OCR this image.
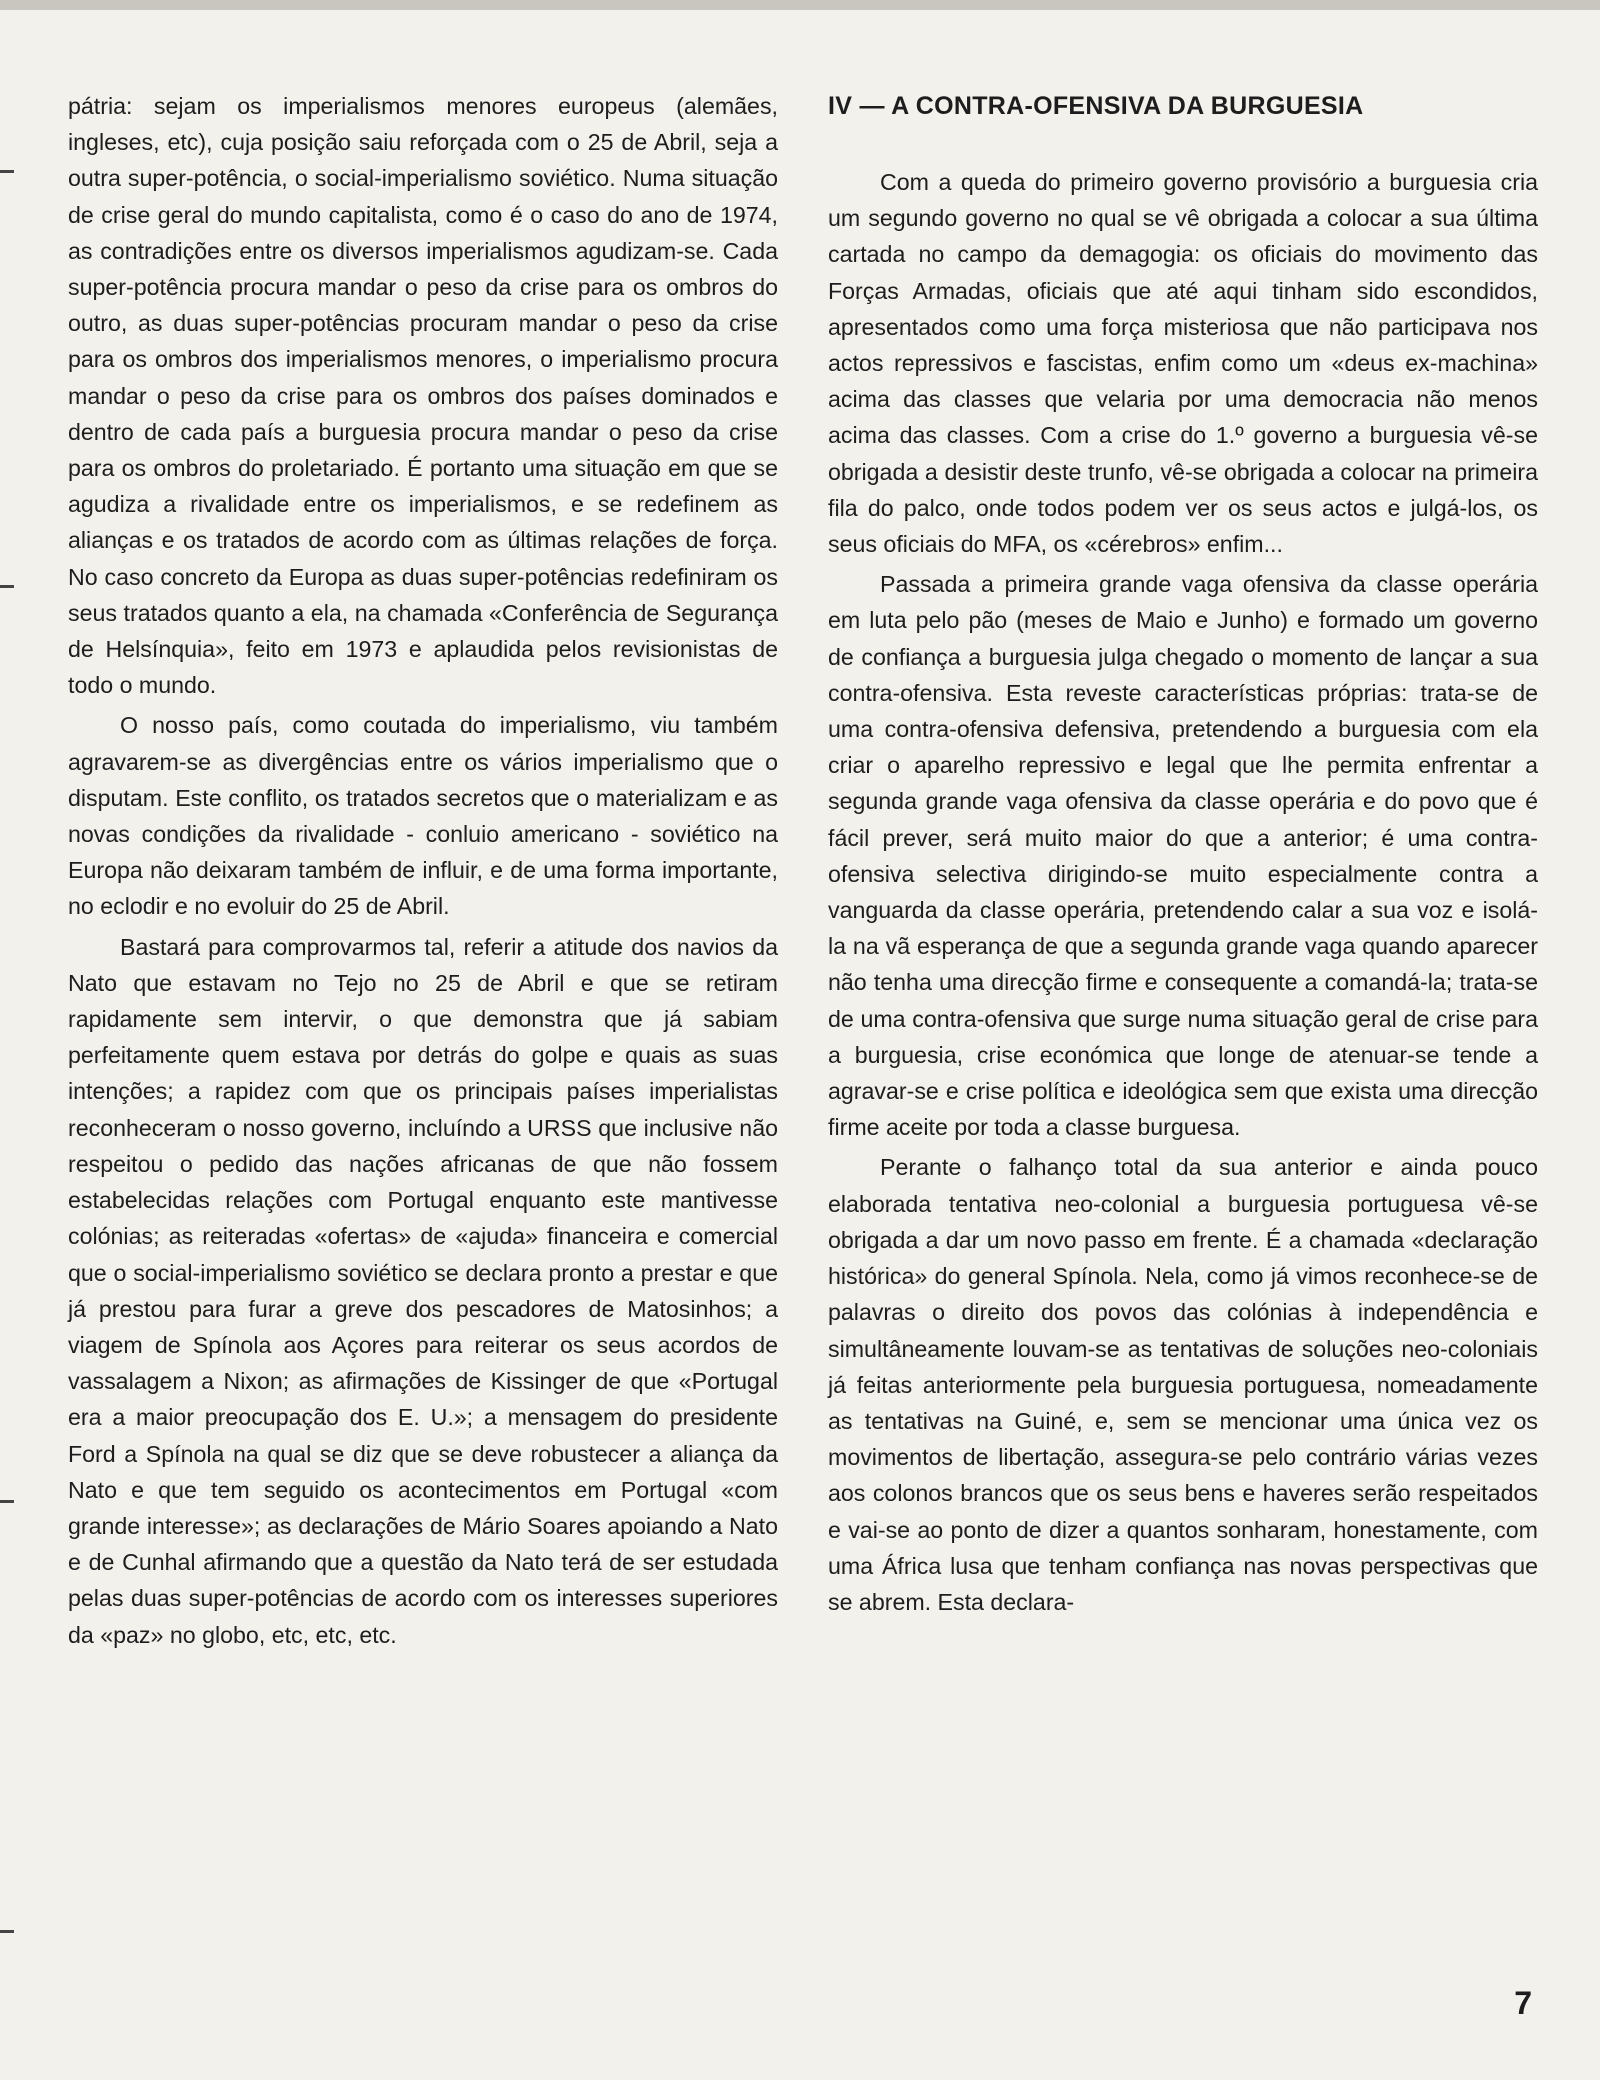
pátria: sejam os imperialismos menores europeus (alemães, ingleses, etc), cuja posição saiu reforçada com o 25 de Abril, seja a outra super-potência, o social-imperialismo soviético. Numa situação de crise geral do mundo capitalista, como é o caso do ano de 1974, as contradições entre os diversos imperialismos agudizam-se. Cada super-potência procura mandar o peso da crise para os ombros do outro, as duas super-potências procuram mandar o peso da crise para os ombros dos imperialismos menores, o imperialismo procura mandar o peso da crise para os ombros dos países dominados e dentro de cada país a burguesia procura mandar o peso da crise para os ombros do proletariado. É portanto uma situação em que se agudiza a rivalidade entre os imperialismos, e se redefinem as alianças e os tratados de acordo com as últimas relações de força. No caso concreto da Europa as duas super-potências redefiniram os seus tratados quanto a ela, na chamada «Conferência de Segurança de Helsínquia», feito em 1973 e aplaudida pelos revisionistas de todo o mundo.

O nosso país, como coutada do imperialismo, viu também agravarem-se as divergências entre os vários imperialismo que o disputam. Este conflito, os tratados secretos que o materializam e as novas condições da rivalidade - conluio americano - soviético na Europa não deixaram também de influir, e de uma forma importante, no eclodir e no evoluir do 25 de Abril.

Bastará para comprovarmos tal, referir a atitude dos navios da Nato que estavam no Tejo no 25 de Abril e que se retiram rapidamente sem intervir, o que demonstra que já sabiam perfeitamente quem estava por detrás do golpe e quais as suas intenções; a rapidez com que os principais países imperialistas reconheceram o nosso governo, incluíndo a URSS que inclusive não respeitou o pedido das nações africanas de que não fossem estabelecidas relações com Portugal enquanto este mantivesse colónias; as reiteradas «ofertas» de «ajuda» financeira e comercial que o social-imperialismo soviético se declara pronto a prestar e que já prestou para furar a greve dos pescadores de Matosinhos; a viagem de Spínola aos Açores para reiterar os seus acordos de vassalagem a Nixon; as afirmações de Kissinger de que «Portugal era a maior preocupação dos E. U.»; a mensagem do presidente Ford a Spínola na qual se diz que se deve robustecer a aliança da Nato e que tem seguido os acontecimentos em Portugal «com grande interesse»; as declarações de Mário Soares apoiando a Nato e de Cunhal afirmando que a questão da Nato terá de ser estudada pelas duas super-potências de acordo com os interesses superiores da «paz» no globo, etc, etc, etc.

IV — A CONTRA-OFENSIVA DA BURGUESIA

Com a queda do primeiro governo provisório a burguesia cria um segundo governo no qual se vê obrigada a colocar a sua última cartada no campo da demagogia: os oficiais do movimento das Forças Armadas, oficiais que até aqui tinham sido escondidos, apresentados como uma força misteriosa que não participava nos actos repressivos e fascistas, enfim como um «deus ex-machina» acima das classes que velaria por uma democracia não menos acima das classes. Com a crise do 1.º governo a burguesia vê-se obrigada a desistir deste trunfo, vê-se obrigada a colocar na primeira fila do palco, onde todos podem ver os seus actos e julgá-los, os seus oficiais do MFA, os «cérebros» enfim...

Passada a primeira grande vaga ofensiva da classe operária em luta pelo pão (meses de Maio e Junho) e formado um governo de confiança a burguesia julga chegado o momento de lançar a sua contra-ofensiva. Esta reveste características próprias: trata-se de uma contra-ofensiva defensiva, pretendendo a burguesia com ela criar o aparelho repressivo e legal que lhe permita enfrentar a segunda grande vaga ofensiva da classe operária e do povo que é fácil prever, será muito maior do que a anterior; é uma contra-ofensiva selectiva dirigindo-se muito especialmente contra a vanguarda da classe operária, pretendendo calar a sua voz e isolá-la na vã esperança de que a segunda grande vaga quando aparecer não tenha uma direcção firme e consequente a comandá-la; trata-se de uma contra-ofensiva que surge numa situação geral de crise para a burguesia, crise económica que longe de atenuar-se tende a agravar-se e crise política e ideológica sem que exista uma direcção firme aceite por toda a classe burguesa.

Perante o falhanço total da sua anterior e ainda pouco elaborada tentativa neo-colonial a burguesia portuguesa vê-se obrigada a dar um novo passo em frente. É a chamada «declaração histórica» do general Spínola. Nela, como já vimos reconhece-se de palavras o direito dos povos das colónias à independência e simultâneamente louvam-se as tentativas de soluções neo-coloniais já feitas anteriormente pela burguesia portuguesa, nomeadamente as tentativas na Guiné, e, sem se mencionar uma única vez os movimentos de libertação, assegura-se pelo contrário várias vezes aos colonos brancos que os seus bens e haveres serão respeitados e vai-se ao ponto de dizer a quantos sonharam, honestamente, com uma África lusa que tenham confiança nas novas perspectivas que se abrem. Esta declara-

7
